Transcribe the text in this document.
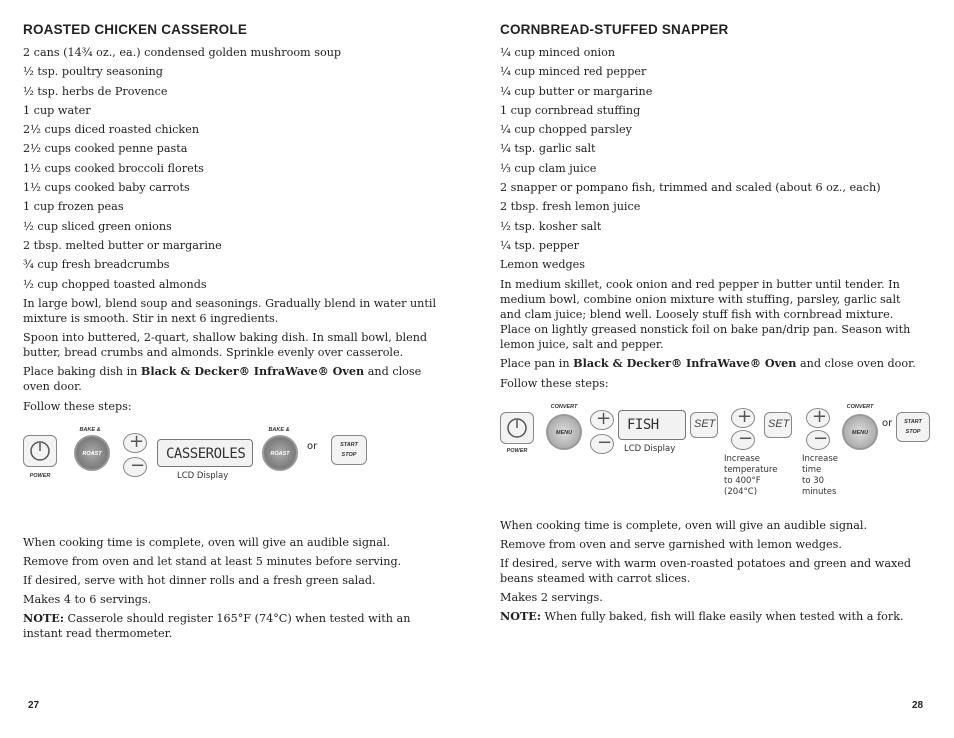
ROASTED CHICKEN CASSEROLE

2 cans (14¾ oz., ea.) condensed golden mushroom soup

½ tsp. poultry seasoning

½ tsp. herbs de Provence

1 cup water

2½ cups diced roasted chicken

2½ cups cooked penne pasta

1½ cups cooked broccoli florets

1½ cups cooked baby carrots

1 cup frozen peas

½ cup sliced green onions

2 tbsp. melted butter or margarine

¾ cup fresh breadcrumbs

½ cup chopped toasted almonds

In large bowl, blend soup and seasonings. Gradually blend in water until mixture is smooth. Stir in next 6 ingredients.

Spoon into buttered, 2-quart, shallow baking dish. In small bowl, blend butter, bread crumbs and almonds. Sprinkle evenly over casserole.

Place baking dish in Black & Decker® InfraWave® Oven and close oven door.

Follow these steps:

POWER
BAKE &
ROAST
+
−
CASSEROLES
LCD Display
BAKE &
ROAST
or	START
STOP

When cooking time is complete, oven will give an audible signal.

Remove from oven and let stand at least 5 minutes before serving.

If desired, serve with hot dinner rolls and a fresh green salad.

Makes 4 to 6 servings.

NOTE: Casserole should register 165°F (74°C) when tested with an instant read thermometer.

CORNBREAD-STUFFED SNAPPER

¼ cup minced onion

¼ cup minced red pepper

¼ cup butter or margarine

1 cup cornbread stuffing

¼ cup chopped parsley

¼ tsp. garlic salt

⅓ cup clam juice

2 snapper or pompano fish, trimmed and scaled (about 6 oz., each)

2 tbsp. fresh lemon juice

½ tsp. kosher salt

¼ tsp. pepper

Lemon wedges

In medium skillet, cook onion and red pepper in butter until tender. In medium bowl, combine onion mixture with stuffing, parsley, garlic salt and clam juice; blend well. Loosely stuff fish with cornbread mixture. Place on lightly greased nonstick foil on bake pan/drip pan. Season with lemon juice, salt and pepper.

Place pan in Black & Decker® InfraWave® Oven and close oven door.

Follow these steps:

POWER
CONVERT
MENU
+
−
FISH
LCD Display
SET +
−
Increase
temperature
to 400°F
(204°C)
SET +
−
Increase
time
to 30
minutes
CONVERT
MENU
or	START
STOP

When cooking time is complete, oven will give an audible signal.

Remove from oven and serve garnished with lemon wedges.

If desired, serve with warm oven-roasted potatoes and green and waxed beans steamed with carrot slices.

Makes 2 servings.

NOTE: When fully baked, fish will flake easily when tested with a fork.

27	28
